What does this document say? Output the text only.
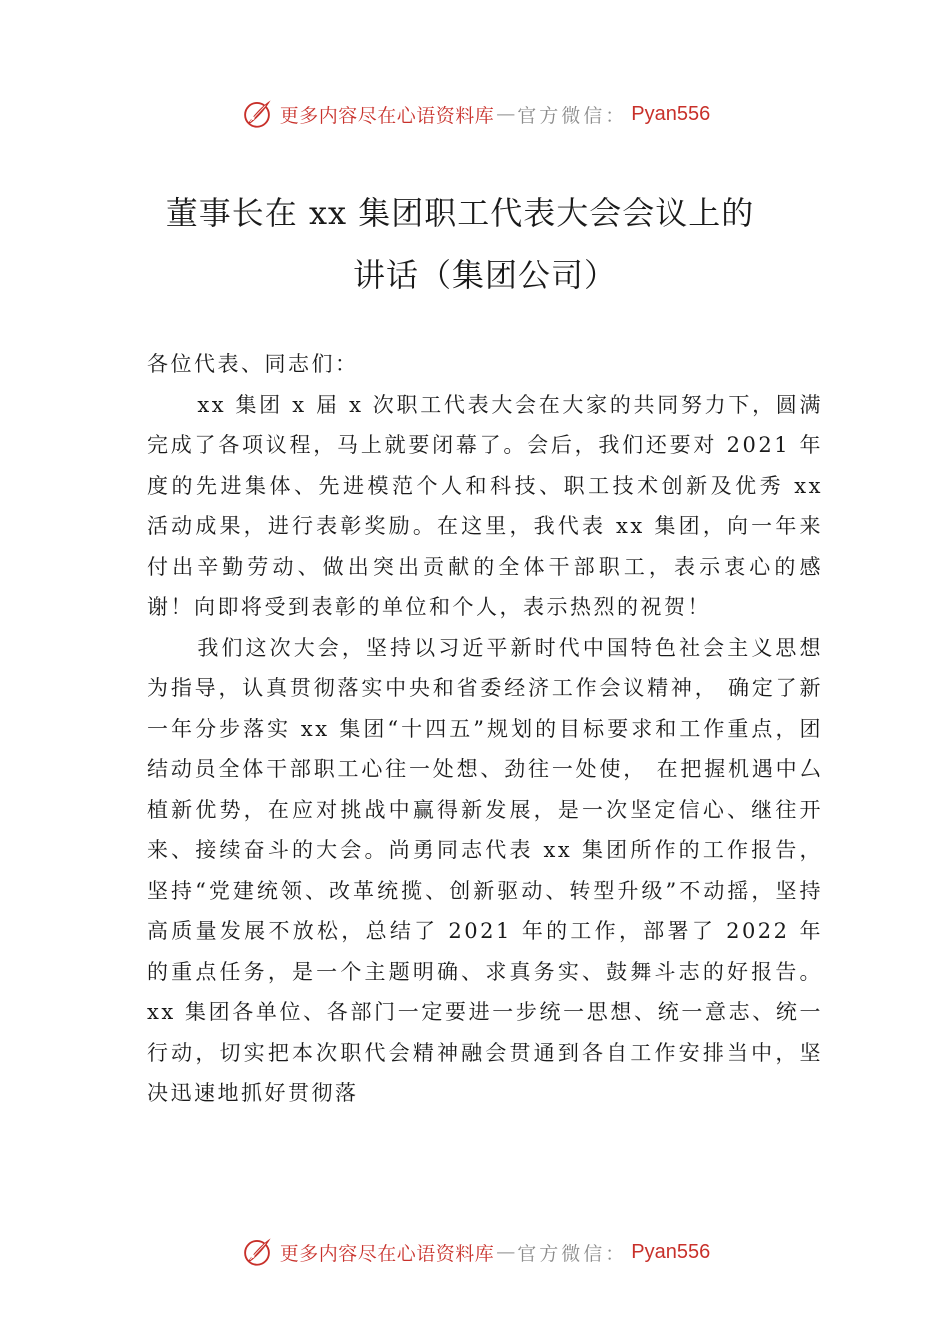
更多内容尽在心语资料库 — 官方微信： Pyan556
董事长在 xx 集团职工代表大会会议上的
讲话（集团公司）

各位代表、同志们：

xx 集团 x 届 x 次职工代表大会在大家的共同努力下，圆满完成了各项议程，马上就要闭幕了。会后，我们还要对 2021 年度的先进集体、先进模范个人和科技、职工技术创新及优秀 xx 活动成果，进行表彰奖励。在这里，我代表 xx 集团，向一年来付出辛勤劳动、做出突出贡献的全体干部职工，表示衷心的感谢！向即将受到表彰的单位和个人，表示热烈的祝贺！

我们这次大会，坚持以习近平新时代中国特色社会主义思想为指导，认真贯彻落实中央和省委经济工作会议精神， 确定了新一年分步落实 xx 集团“十四五”规划的目标要求和工作重点，团结动员全体干部职工心往一处想、劲往一处使， 在把握机遇中厶植新优势，在应对挑战中赢得新发展，是一次坚定信心、继往开来、接续奋斗的大会。尚勇同志代表 xx 集团所作的工作报告，坚持“党建统领、改革统揽、创新驱动、转型升级”不动摇，坚持高质量发展不放松，总结了 2021 年的工作，部署了 2022 年的重点任务，是一个主题明确、求真务实、鼓舞斗志的好报告。xx 集团各单位、各部门一定要进一步统一思想、统一意志、统一行动，切实把本次职代会精神融会贯通到各自工作安排当中，坚决迅速地抓好贯彻落

更多内容尽在心语资料库 — 官方微信： Pyan556
